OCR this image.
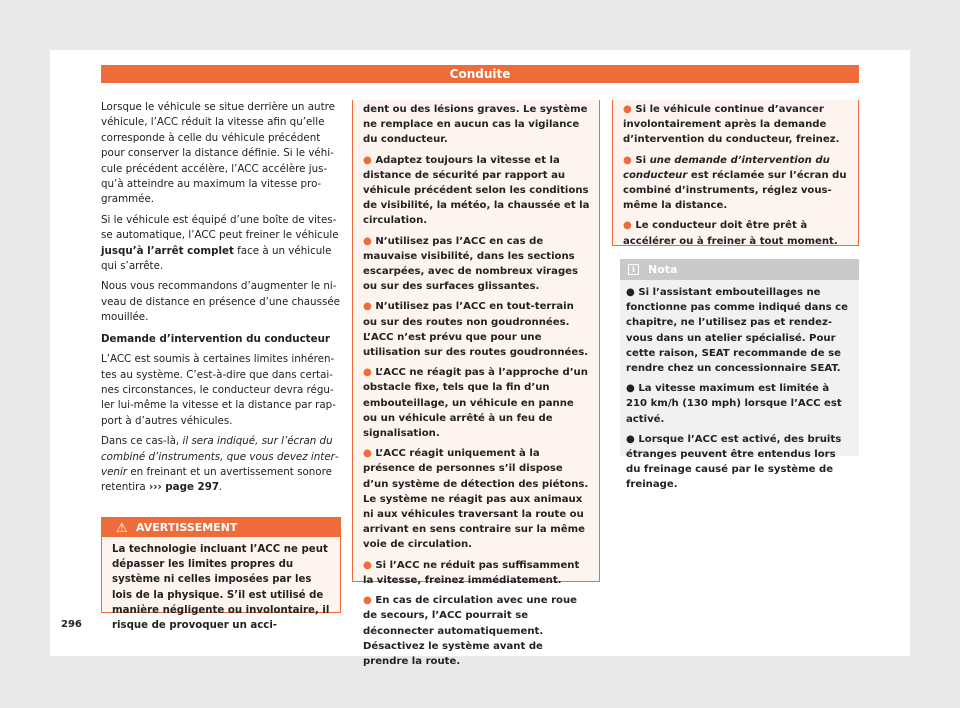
Conduite

Lorsque le véhicule se situe derrière un autre véhicule, l’ACC réduit la vitesse afin qu’elle corresponde à celle du véhicule précédent pour conserver la distance définie. Si le véhicule précédent accélère, l’ACC accélère jusqu’à atteindre au maximum la vitesse programmée.

Si le véhicule est équipé d’une boîte de vitesse automatique, l’ACC peut freiner le véhicule jusqu’à l’arrêt complet face à un véhicule qui s’arrête.

Nous vous recommandons d’augmenter le niveau de distance en présence d’une chaussée mouillée.

Demande d’intervention du conducteur

L’ACC est soumis à certaines limites inhérentes au système. C’est-à-dire que dans certaines circonstances, le conducteur devra réguler lui-même la vitesse et la distance par rapport à d’autres véhicules.

Dans ce cas-là, il sera indiqué, sur l’écran du combiné d’instruments, que vous devez intervenir en freinant et un avertissement sonore retentira ››› page 297.

⚠ AVERTISSEMENT
La technologie incluant l’ACC ne peut dépasser les limites propres du système ni celles imposées par les lois de la physique. S’il est utilisé de manière négligente ou involontaire, il risque de provoquer un acci-

dent ou des lésions graves. Le système ne remplace en aucun cas la vigilance du conducteur.

● Adaptez toujours la vitesse et la distance de sécurité par rapport au véhicule précédent selon les conditions de visibilité, la météo, la chaussée et la circulation.

● N’utilisez pas l’ACC en cas de mauvaise visibilité, dans les sections escarpées, avec de nombreux virages ou sur des surfaces glissantes.

● N’utilisez pas l’ACC en tout-terrain ou sur des routes non goudronnées. L’ACC n’est prévu que pour une utilisation sur des routes goudronnées.

● L’ACC ne réagit pas à l’approche d’un obstacle fixe, tels que la fin d’un embouteillage, un véhicule en panne ou un véhicule arrêté à un feu de signalisation.

● L’ACC réagit uniquement à la présence de personnes s’il dispose d’un système de détection des piétons. Le système ne réagit pas aux animaux ni aux véhicules traversant la route ou arrivant en sens contraire sur la même voie de circulation.

● Si l’ACC ne réduit pas suffisamment la vitesse, freinez immédiatement.

● En cas de circulation avec une roue de secours, l’ACC pourrait se déconnecter automatiquement. Désactivez le système avant de prendre la route.

● Si le véhicule continue d’avancer involontairement après la demande d’intervention du conducteur, freinez.

● Si une demande d’intervention du conducteur est réclamée sur l’écran du combiné d’instruments, réglez vous-même la distance.

● Le conducteur doit être prêt à accélérer ou à freiner à tout moment.

i	Nota

● Si l’assistant embouteillages ne fonctionne pas comme indiqué dans ce chapitre, ne l’utilisez pas et rendez-vous dans un atelier spécialisé. Pour cette raison, SEAT recommande de se rendre chez un concessionnaire SEAT.

● La vitesse maximum est limitée à 210 km/h (130 mph) lorsque l’ACC est activé.

● Lorsque l’ACC est activé, des bruits étranges peuvent être entendus lors du freinage causé par le système de freinage.

296
